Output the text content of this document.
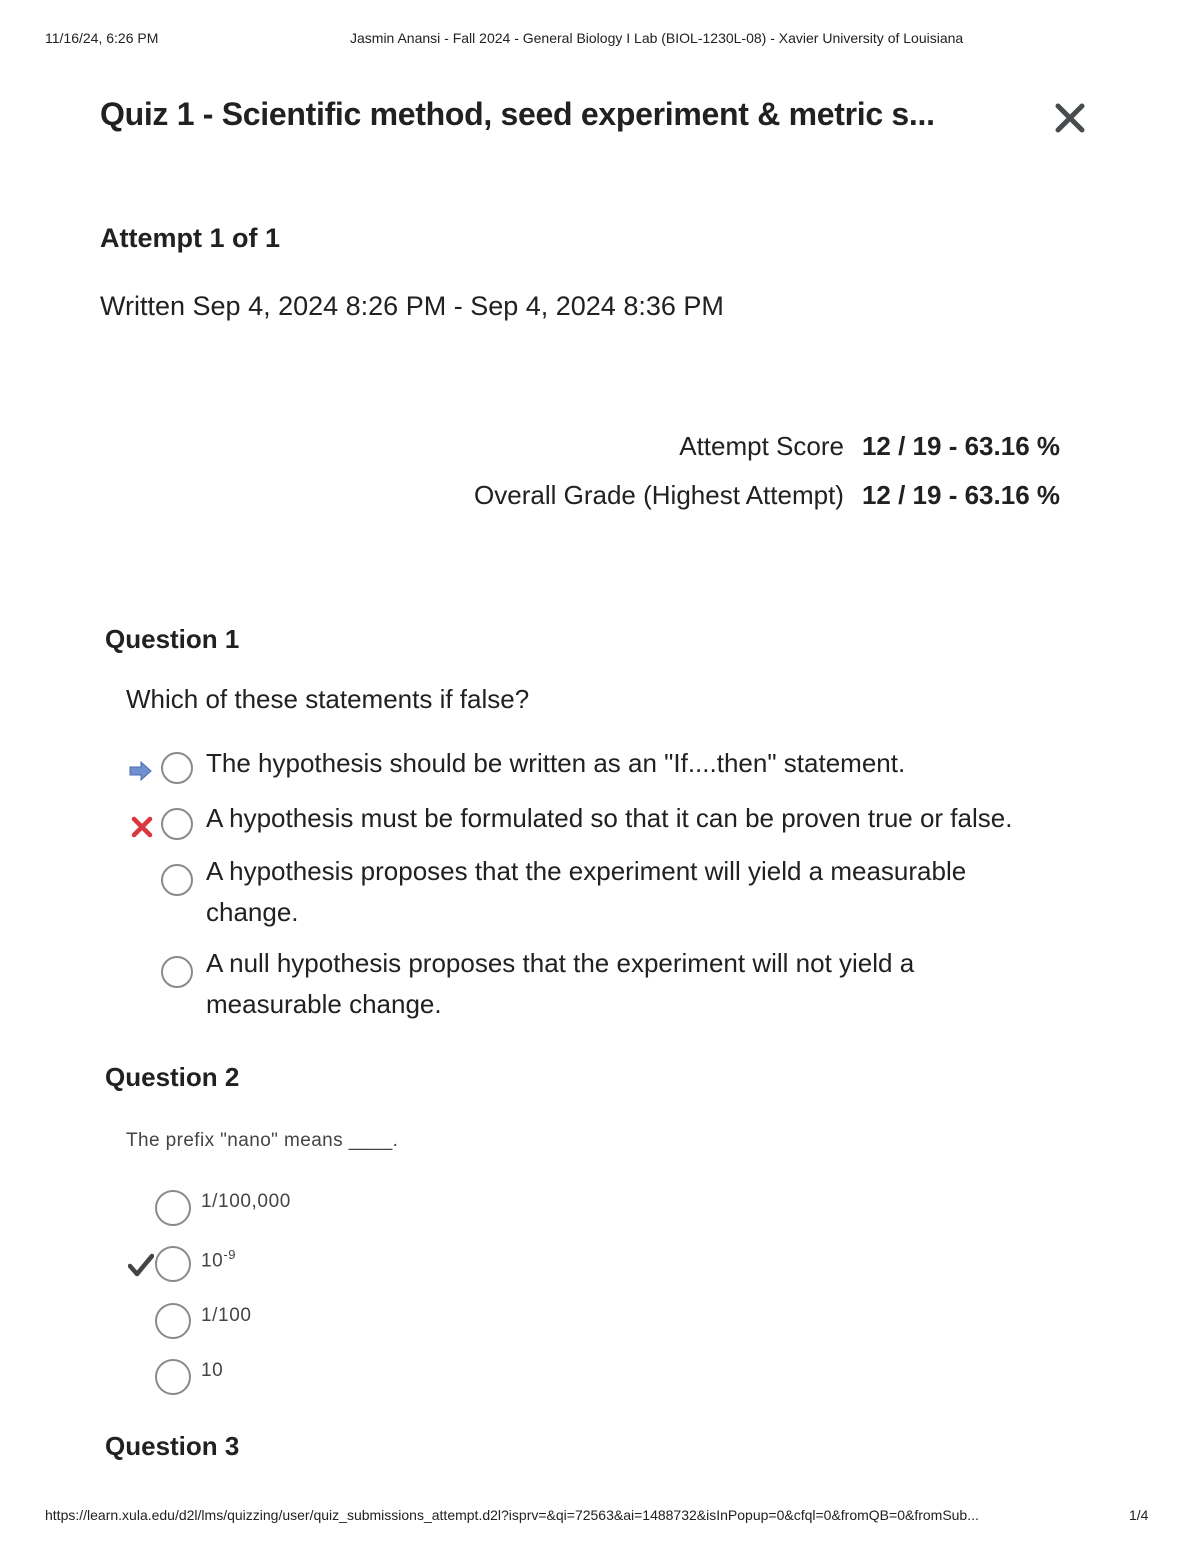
11/16/24, 6:26 PM	Jasmin Anansi - Fall 2024 - General Biology I Lab (BIOL-1230L-08) - Xavier University of Louisiana
Quiz 1 - Scientific method, seed experiment & metric s...
Attempt 1 of 1
Written Sep 4, 2024 8:26 PM - Sep 4, 2024 8:36 PM
Attempt Score 12 / 19 - 63.16 %
Overall Grade (Highest Attempt) 12 / 19 - 63.16 %
Question 1
Which of these statements if false?
The hypothesis should be written as an "If....then" statement.
A hypothesis must be formulated so that it can be proven true or false.
A hypothesis proposes that the experiment will yield a measurable change.
A null hypothesis proposes that the experiment will not yield a measurable change.
Question 2
The prefix "nano" means ____.
1/100,000
$10^{-9}$
1/100
10
Question 3
https://learn.xula.edu/d2l/lms/quizzing/user/quiz_submissions_attempt.d2l?isprv=&qi=72563&ai=1488732&isInPopup=0&cfql=0&fromQB=0&fromSub...	1/4
